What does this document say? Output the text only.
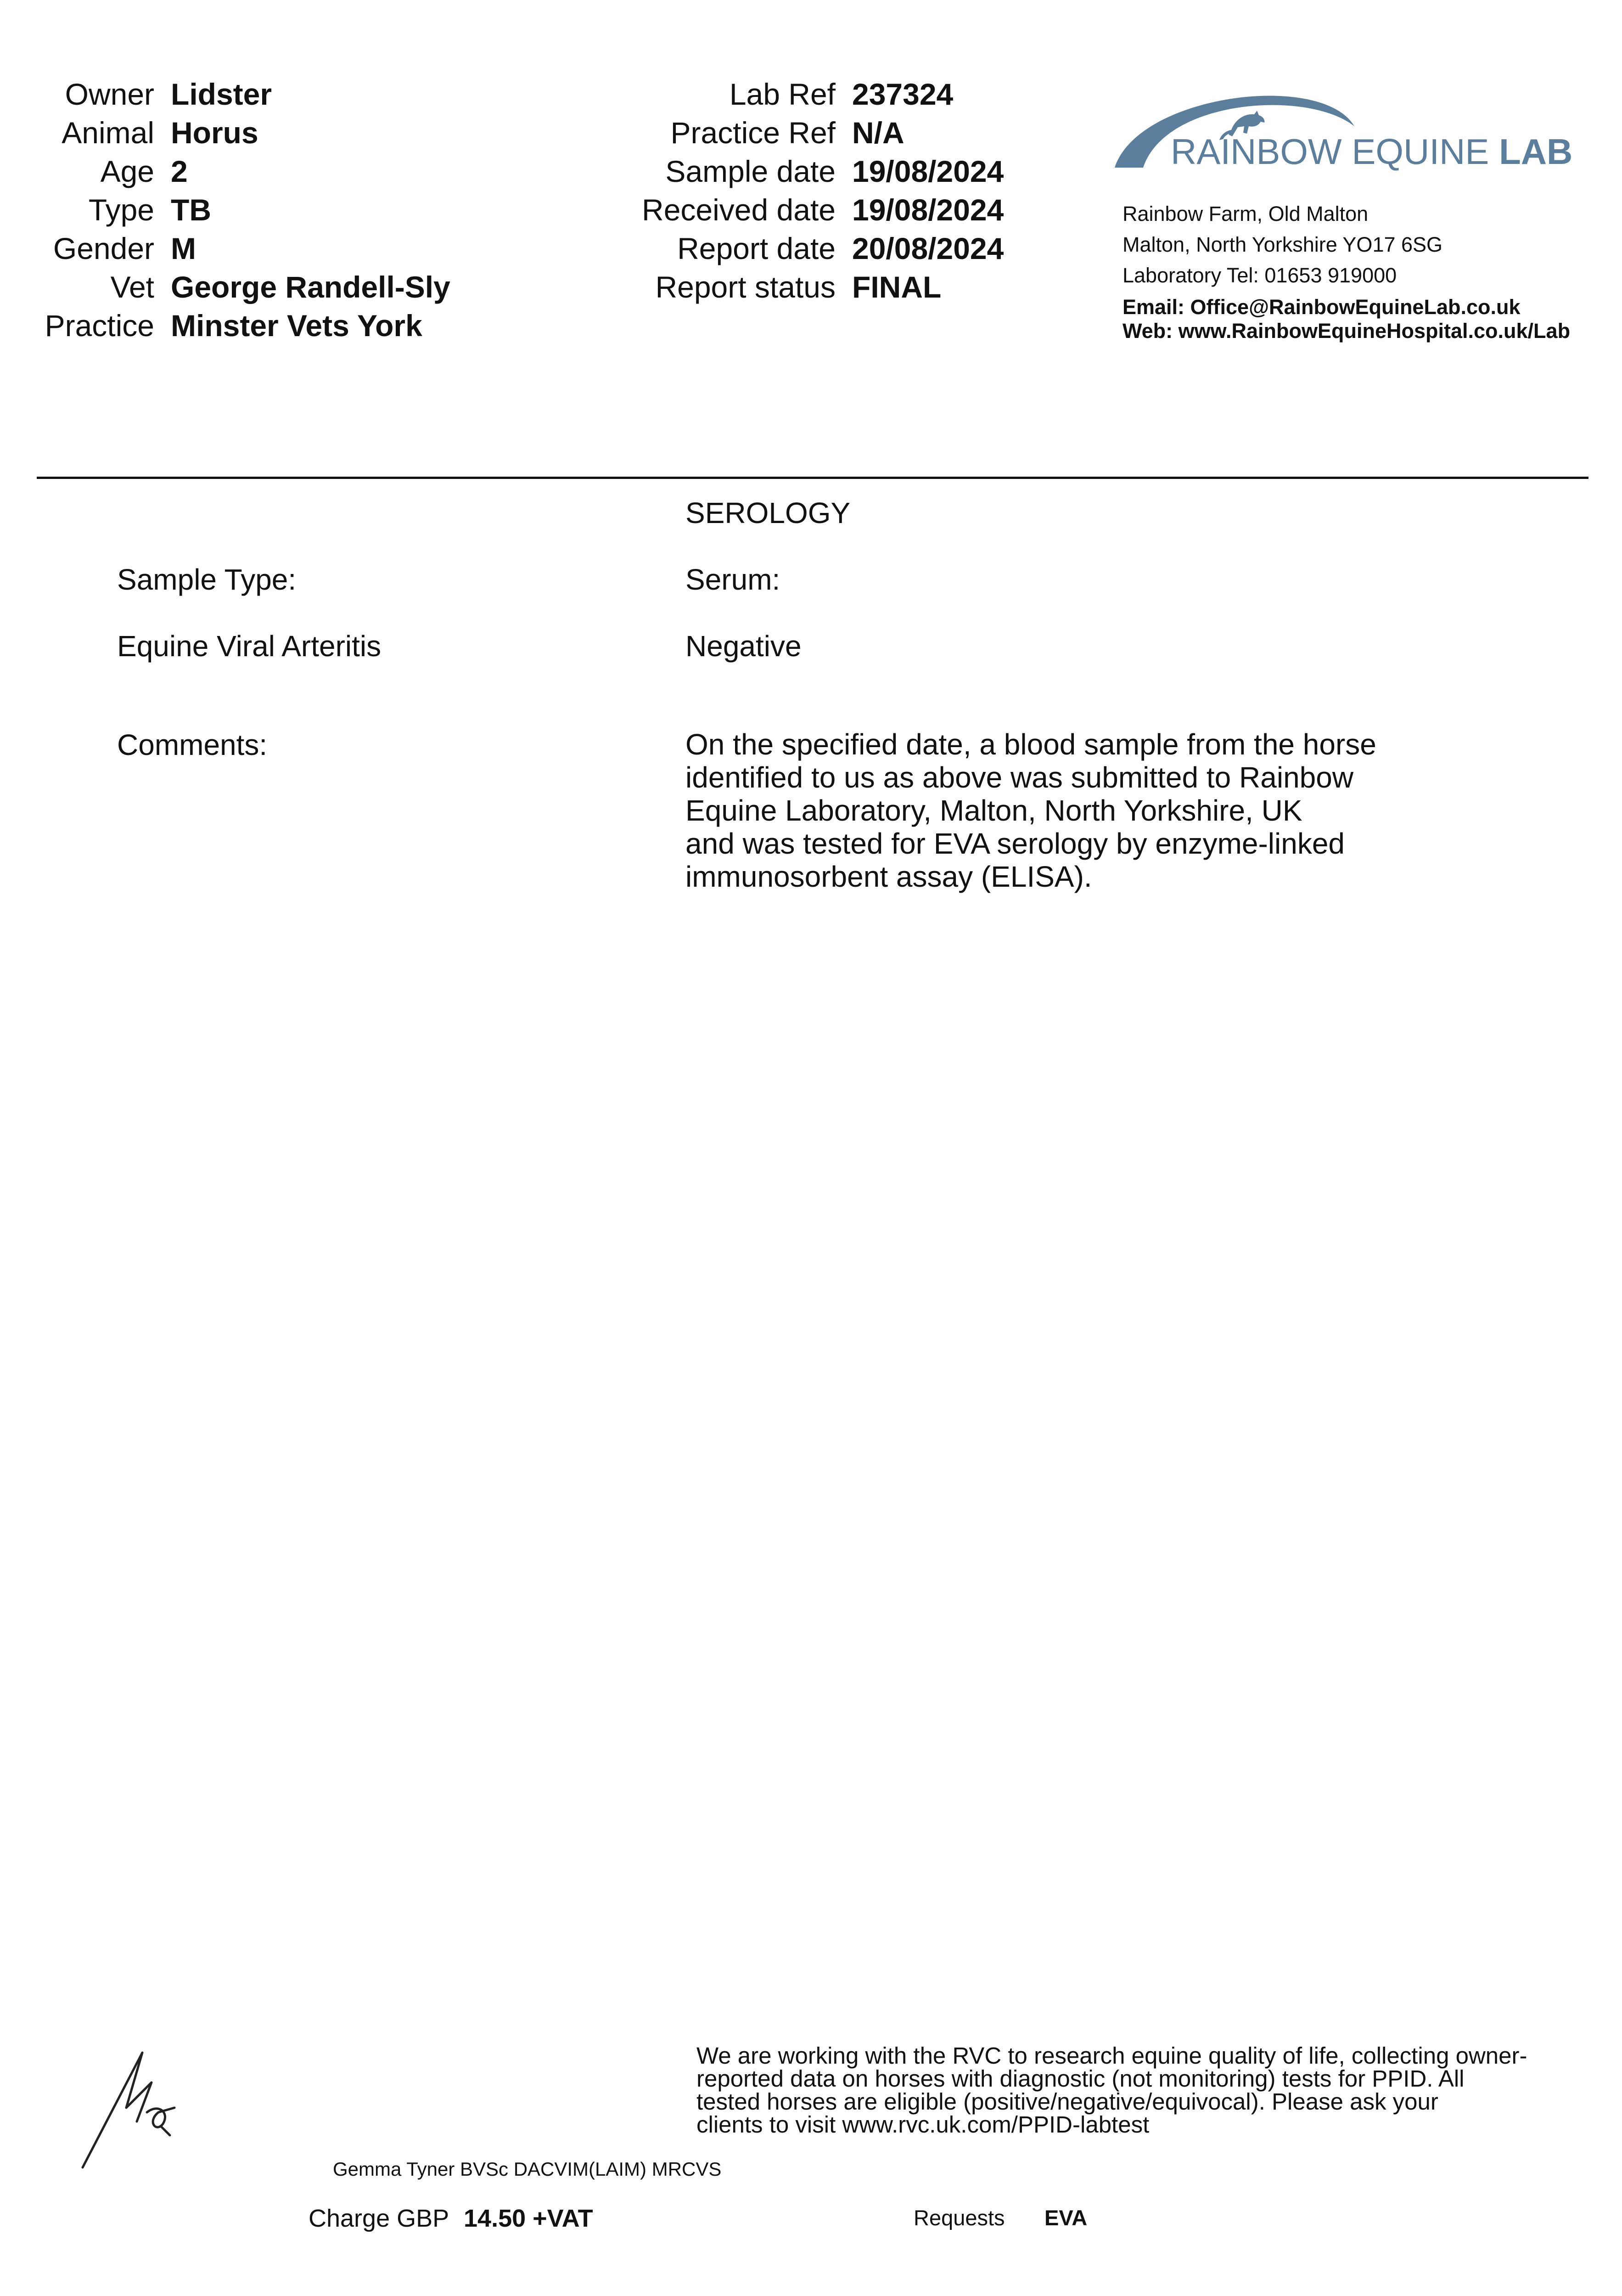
Owner Lidster
Animal Horus
Age 2
Type TB
Gender M
Vet George Randell-Sly
Practice Minster Vets York
Lab Ref 237324
Practice Ref N/A
Sample date 19/08/2024
Received date 19/08/2024
Report date 20/08/2024
Report status FINAL
RAINBOW EQUINE LAB
Rainbow Farm, Old Malton
Malton, North Yorkshire YO17 6SG
Laboratory Tel: 01653 919000
Email: Office@RainbowEquineLab.co.uk
Web: www.RainbowEquineHospital.co.uk/Lab
SEROLOGY
Sample Type:	Serum:
Equine Viral Arteritis	Negative
Comments:	On the specified date, a blood sample from the horse
identified to us as above was submitted to Rainbow
Equine Laboratory, Malton, North Yorkshire, UK
and was tested for EVA serology by enzyme-linked
immunosorbent assay (ELISA).
We are working with the RVC to research equine quality of life, collecting owner-
reported data on horses with diagnostic (not monitoring) tests for PPID. All
tested horses are eligible (positive/negative/equivocal). Please ask your
clients to visit www.rvc.uk.com/PPID-labtest
Gemma Tyner BVSc DACVIM(LAIM) MRCVS
Charge GBP 14.50 +VAT	Requests EVA
